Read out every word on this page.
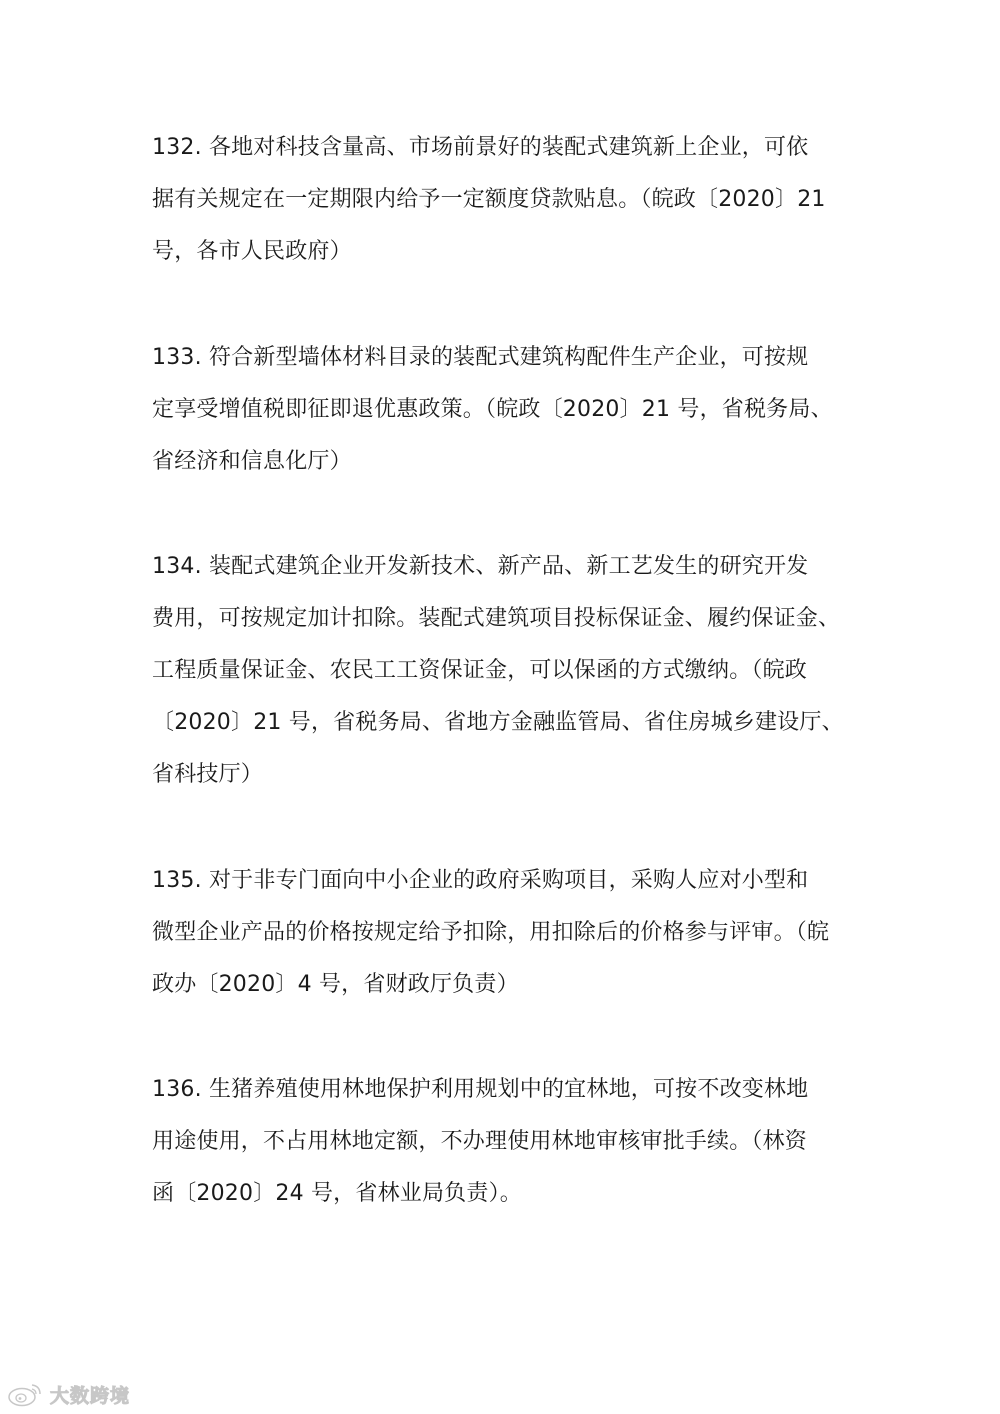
132. 各地对科技含量高、市场前景好的装配式建筑新上企业，可依
据有关规定在一定期限内给予一定额度贷款贴息。（皖政〔2020〕21
号，各市人民政府）
133. 符合新型墙体材料目录的装配式建筑构配件生产企业，可按规
定享受增值税即征即退优惠政策。（皖政〔2020〕21 号，省税务局、
省经济和信息化厅）
134. 装配式建筑企业开发新技术、新产品、新工艺发生的研究开发
费用，可按规定加计扣除。装配式建筑项目投标保证金、履约保证金、
工程质量保证金、农民工工资保证金，可以保函的方式缴纳。（皖政
〔2020〕21 号，省税务局、省地方金融监管局、省住房城乡建设厅、
省科技厅）
135. 对于非专门面向中小企业的政府采购项目，采购人应对小型和
微型企业产品的价格按规定给予扣除，用扣除后的价格参与评审。（皖
政办〔2020〕4 号，省财政厅负责）
136. 生猪养殖使用林地保护利用规划中的宜林地，可按不改变林地
用途使用，不占用林地定额，不办理使用林地审核审批手续。（林资
函〔2020〕24 号，省林业局负责）。
大数跨境
